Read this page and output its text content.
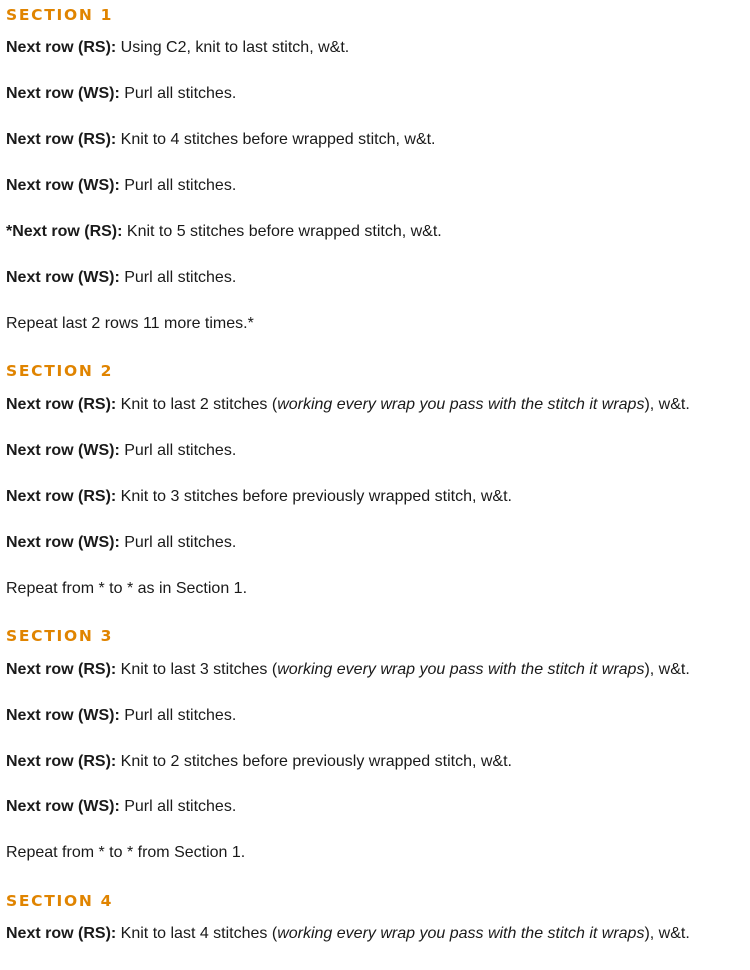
SECTION 1
Next row (RS): Using C2, knit to last stitch, w&t.
Next row (WS): Purl all stitches.
Next row (RS): Knit to 4 stitches before wrapped stitch, w&t.
Next row (WS): Purl all stitches.
*Next row (RS): Knit to 5 stitches before wrapped stitch, w&t.
Next row (WS): Purl all stitches.
Repeat last 2 rows 11 more times.*
SECTION 2
Next row (RS): Knit to last 2 stitches (working every wrap you pass with the stitch it wraps), w&t.
Next row (WS): Purl all stitches.
Next row (RS): Knit to 3 stitches before previously wrapped stitch, w&t.
Next row (WS): Purl all stitches.
Repeat from * to * as in Section 1.
SECTION 3
Next row (RS): Knit to last 3 stitches (working every wrap you pass with the stitch it wraps), w&t.
Next row (WS): Purl all stitches.
Next row (RS): Knit to 2 stitches before previously wrapped stitch, w&t.
Next row (WS): Purl all stitches.
Repeat from * to * from Section 1.
SECTION 4
Next row (RS): Knit to last 4 stitches (working every wrap you pass with the stitch it wraps), w&t.
